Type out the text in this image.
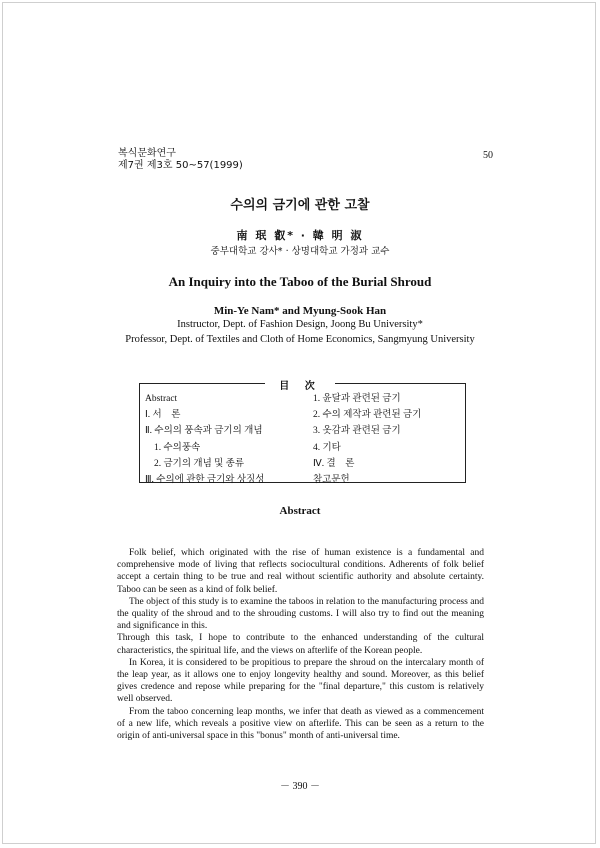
복식문화연구
제7권 제3호 50~57(1999)
50
수의의 금기에 관한 고찰
南 珉 叡* · 韓 明 淑
중부대학교 강사* · 상명대학교 가정과 교수
An Inquiry into the Taboo of the Burial Shroud
Min-Ye Nam* and Myung-Sook Han
Instructor, Dept. of Fashion Design, Joong Bu University*
Professor, Dept. of Textiles and Cloth of Home Economics, Sangmyung University
目 次
Abstract
Ⅰ. 서　론
Ⅱ. 수의의 풍속과 금기의 개념
1. 수의풍속
2. 금기의 개념 및 종류
Ⅲ. 수의에 관한 금기와 상징성
1. 윤달과 관련된 금기
2. 수의 제작과 관련된 금기
3. 옷감과 관련된 금기
4. 기타
Ⅳ. 결　론
참고문헌
Abstract

Folk belief, which originated with the rise of human existence is a fundamental and comprehensive mode of living that reflects sociocultural conditions. Adherents of folk belief accept a certain thing to be true and real without scientific authority and absolute certainty. Taboo can be seen as a kind of folk belief.

The object of this study is to examine the taboos in relation to the manufacturing process and the quality of the shroud and to the shrouding customs. I will also try to find out the meaning and significance in this.

Through this task, I hope to contribute to the enhanced understanding of the cultural characteristics, the spiritual life, and the views on afterlife of the Korean people.

In Korea, it is considered to be propitious to prepare the shroud on the intercalary month of the leap year, as it allows one to enjoy longevity healthy and sound. Moreover, as this belief gives credence and repose while preparing for the "final departure," this custom is relatively well observed.

From the taboo concerning leap months, we infer that death as viewed as a commencement of a new life, which reveals a positive view on afterlife. This can be seen as a return to the origin of anti-universal space in this "bonus" month of anti-universal time.

－ 390 －
